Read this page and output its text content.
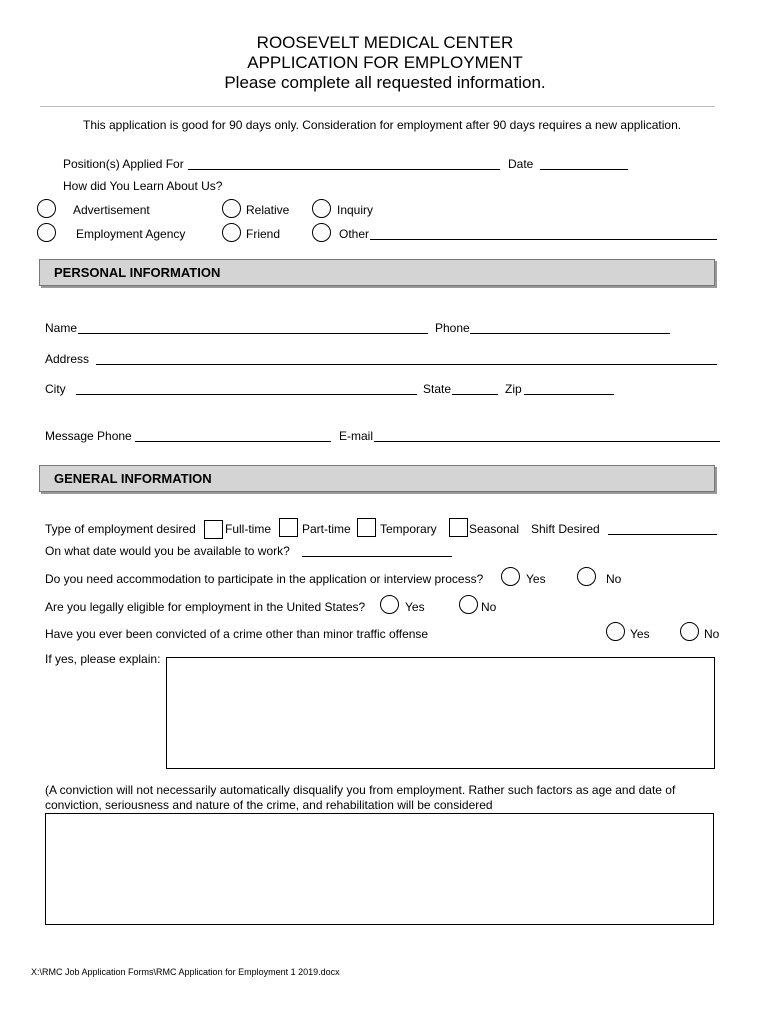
ROOSEVELT MEDICAL CENTER
APPLICATION FOR EMPLOYMENT
Please complete all requested information.
This application is good for 90 days only. Consideration for employment after 90 days requires a new application.
Position(s) Applied For	Date
How did You Learn About Us?
Advertisement
Employment Agency
Relative
Friend
Inquiry
Other
PERSONAL INFORMATION
Name	Phone
Address
City	State	Zip
Message Phone	E-mail
GENERAL INFORMATION
Type of employment desired Full-time	Part-time Temporary	Seasonal Shift Desired
On what date would you be available to work?
Do you need accommodation to participate in the application or interview process?	Yes	No
Are you legally eligible for employment in the United States?	Yes	No
Have you ever been convicted of a crime other than minor traffic offense	Yes	No
If yes, please explain:
(A conviction will not necessarily automatically disqualify you from employment. Rather such factors as age and date of conviction, seriousness and nature of the crime, and rehabilitation will be considered
X:\RMC Job Application Forms\RMC Application for Employment 1 2019.docx
